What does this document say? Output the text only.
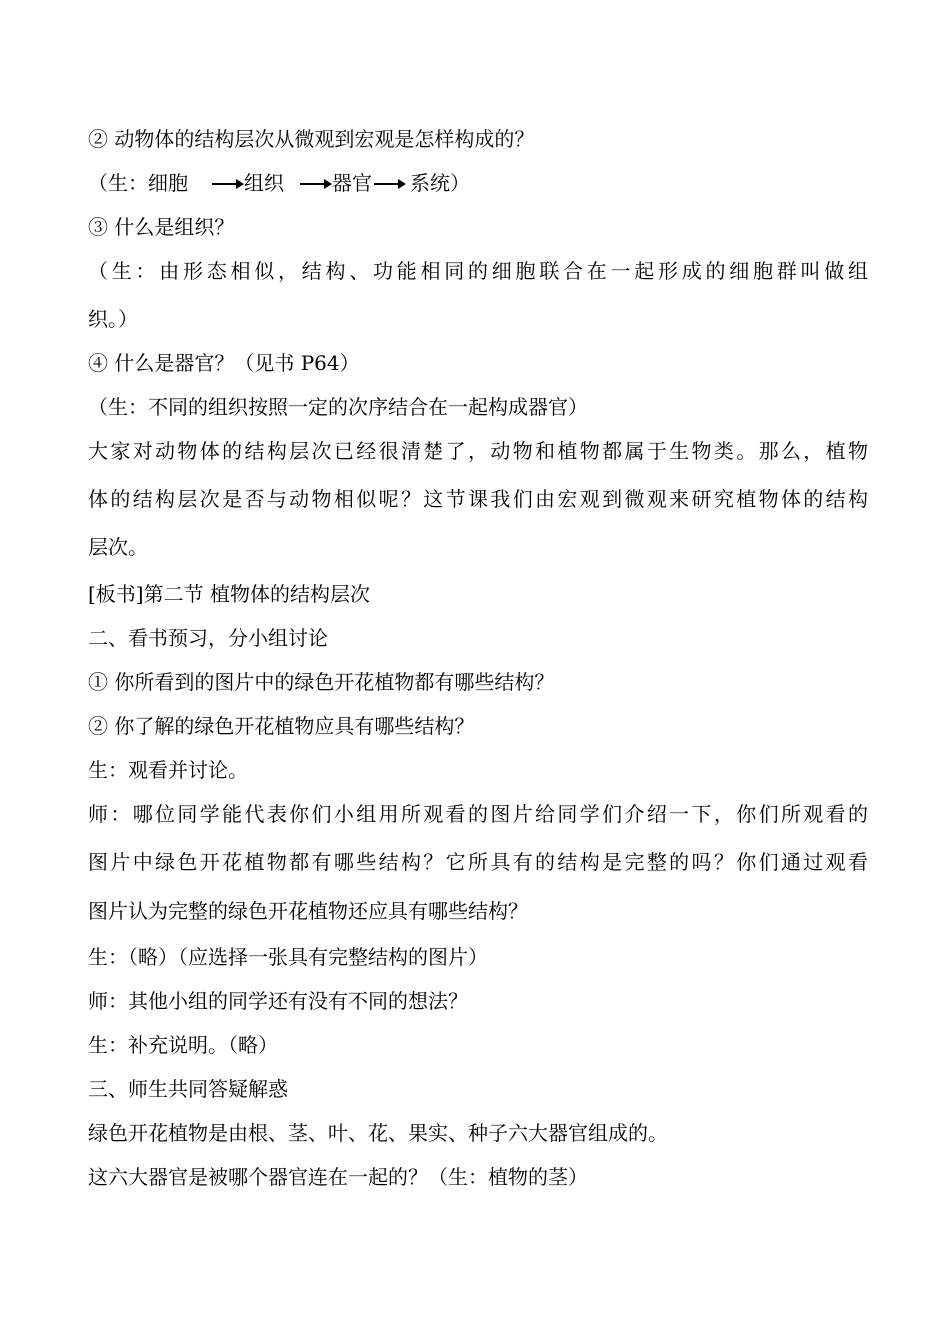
② 动物体的结构层次从微观到宏观是怎样构成的？
（生：细胞	组织 器官 系统）
③ 什么是组织？
（生：由形态相似，结构、功能相同的细胞联合在一起形成的细胞群叫做组
织。）
④ 什么是器官？（见书 P64）
（生：不同的组织按照一定的次序结合在一起构成器官）
大家对动物体的结构层次已经很清楚了，动物和植物都属于生物类。那么，植物
体的结构层次是否与动物相似呢？这节课我们由宏观到微观来研究植物体的结构
层次。
[板书]第二节 植物体的结构层次
二、看书预习，分小组讨论
① 你所看到的图片中的绿色开花植物都有哪些结构？
② 你了解的绿色开花植物应具有哪些结构？
生：观看并讨论。
师：哪位同学能代表你们小组用所观看的图片给同学们介绍一下，你们所观看的
图片中绿色开花植物都有哪些结构？它所具有的结构是完整的吗？你们通过观看
图片认为完整的绿色开花植物还应具有哪些结构？
生：（略）（应选择一张具有完整结构的图片）
师：其他小组的同学还有没有不同的想法？
生：补充说明。（略）
三、师生共同答疑解惑
绿色开花植物是由根、茎、叶、花、果实、种子六大器官组成的。
这六大器官是被哪个器官连在一起的？（生：植物的茎）
